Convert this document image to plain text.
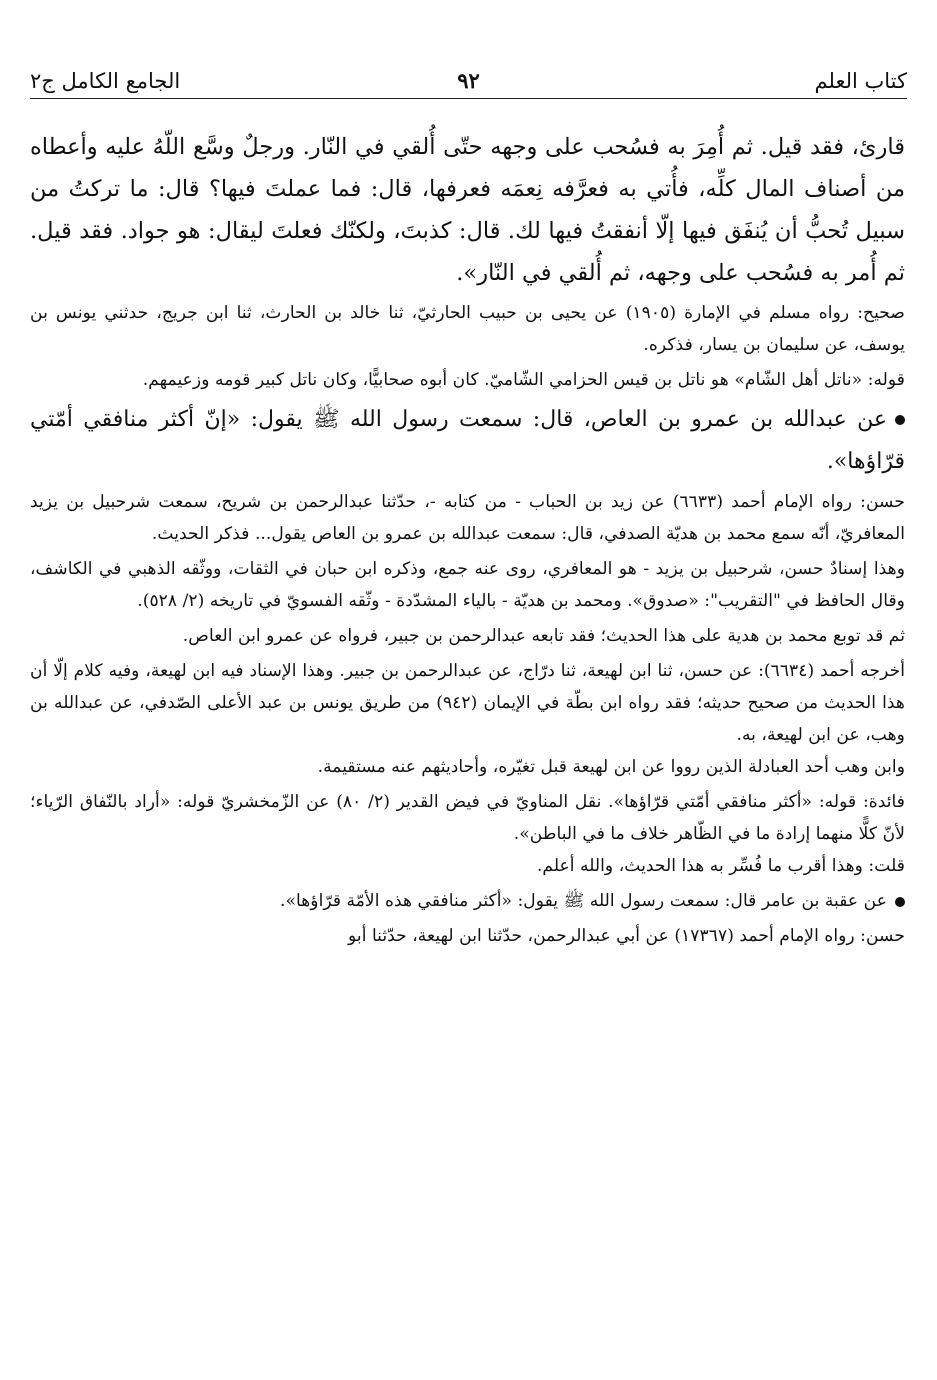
كتاب العلم
٩٢
الجامع الكامل ج٢

قارئ، فقد قيل. ثم أُمِرَ به فسُحب على وجهه حتّى أُلقي في النّار. ورجلٌ وسَّع اللّهُ عليه وأعطاه من أصناف المال كلِّه، فأُتي به فعرَّفه نِعمَه فعرفها، قال: فما عملتَ فيها؟ قال: ما تركتُ من سبيل تُحبُّ أن يُنفَق فيها إلّا أنفقتُ فيها لك. قال: كذبتَ، ولكنّك فعلتَ ليقال: هو جواد. فقد قيل. ثم أُمر به فسُحب على وجهه، ثم أُلقي في النّار».

صحيح: رواه مسلم في الإمارة (١٩٠٥) عن يحيى بن حبيب الحارثيّ، ثنا خالد بن الحارث، ثنا ابن جريج، حدثني يونس بن يوسف، عن سليمان بن يسار، فذكره.

قوله: «ناتل أهل الشّام» هو ناتل بن قيس الحزامي الشّاميّ. كان أبوه صحابيًّا، وكان ناتل كبير قومه وزعيمهم.

عن عبدالله بن عمرو بن العاص، قال: سمعت رسول الله ﷺ يقول: «إنّ أكثر منافقي أمّتي قرّاؤها».

حسن: رواه الإمام أحمد (٦٦٣٣) عن زيد بن الحباب - من كتابه -، حدّثنا عبدالرحمن بن شريح، سمعت شرحبيل بن يزيد المعافريّ، أنّه سمع محمد بن هديّة الصدفي، قال: سمعت عبدالله بن عمرو بن العاص يقول... فذكر الحديث.

وهذا إسنادٌ حسن، شرحبيل بن يزيد - هو المعافري، روى عنه جمع، وذكره ابن حبان في الثقات، ووثّقه الذهبي في الكاشف، وقال الحافظ في "التقريب": «صدوق». ومحمد بن هديّة - بالياء المشدّدة - وثّقه الفسويّ في تاريخه (٢/ ٥٢٨).

ثم قد توبع محمد بن هدية على هذا الحديث؛ فقد تابعه عبدالرحمن بن جبير، فرواه عن عمرو ابن العاص.

أخرجه أحمد (٦٦٣٤): عن حسن، ثنا ابن لهيعة، ثنا درّاج، عن عبدالرحمن بن جبير. وهذا الإسناد فيه ابن لهيعة، وفيه كلام إلّا أن هذا الحديث من صحيح حديثه؛ فقد رواه ابن بطّة في الإيمان (٩٤٢) من طريق يونس بن عبد الأعلى الصّدفي، عن عبدالله بن وهب، عن ابن لهيعة، به.

وابن وهب أحد العبادلة الذين رووا عن ابن لهيعة قبل تغيّره، وأحاديثهم عنه مستقيمة.

فائدة: قوله: «أكثر منافقي أمّتي قرّاؤها». نقل المناويّ في فيض القدير (٢/ ٨٠) عن الزّمخشريّ قوله: «أراد بالنّفاق الرّياء؛ لأنّ كلًّا منهما إرادة ما في الظّاهر خلاف ما في الباطن».

قلت: وهذا أقرب ما فُسِّر به هذا الحديث، والله أعلم.

عن عقبة بن عامر قال: سمعت رسول الله ﷺ يقول: «أكثر منافقي هذه الأمّة قرّاؤها».

حسن: رواه الإمام أحمد (١٧٣٦٧) عن أبي عبدالرحمن، حدّثنا ابن لهيعة، حدّثنا أبو
